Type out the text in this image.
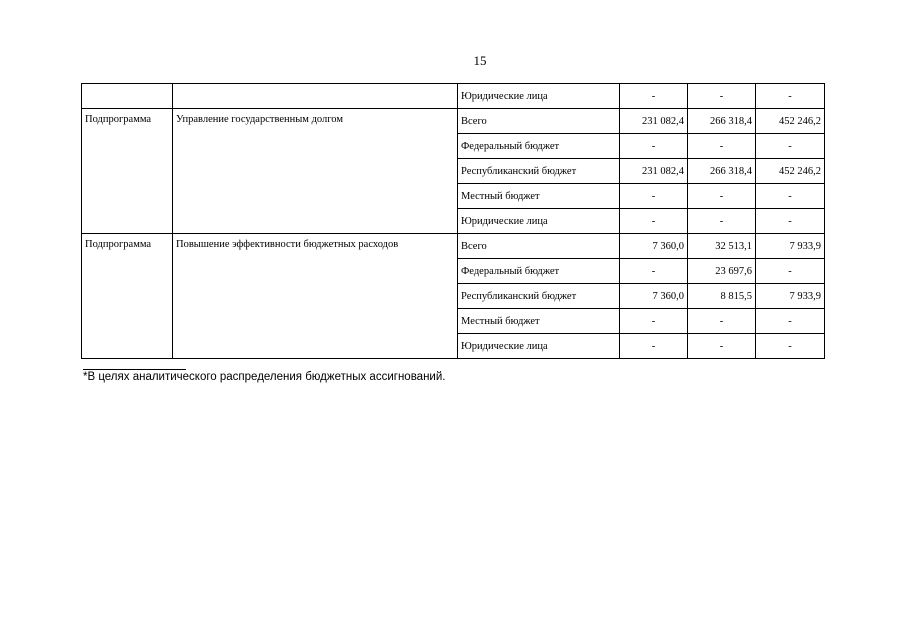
15
		Юридические лица	-	-	-
Подпрограмма	Управление государственным долгом	Всего	231 082,4	266 318,4	452 246,2
		Федеральный бюджет	-	-	-
		Республиканский бюджет	231 082,4	266 318,4	452 246,2
		Местный бюджет	-	-	-
		Юридические лица	-	-	-
Подпрограмма	Повышение эффективности бюджетных расходов	Всего	7 360,0	32 513,1	7 933,9
		Федеральный бюджет	-	23 697,6	-
		Республиканский бюджет	7 360,0	8 815,5	7 933,9
		Местный бюджет	-	-	-
		Юридические лица	-	-	-
*В целях аналитического распределения бюджетных ассигнований.
